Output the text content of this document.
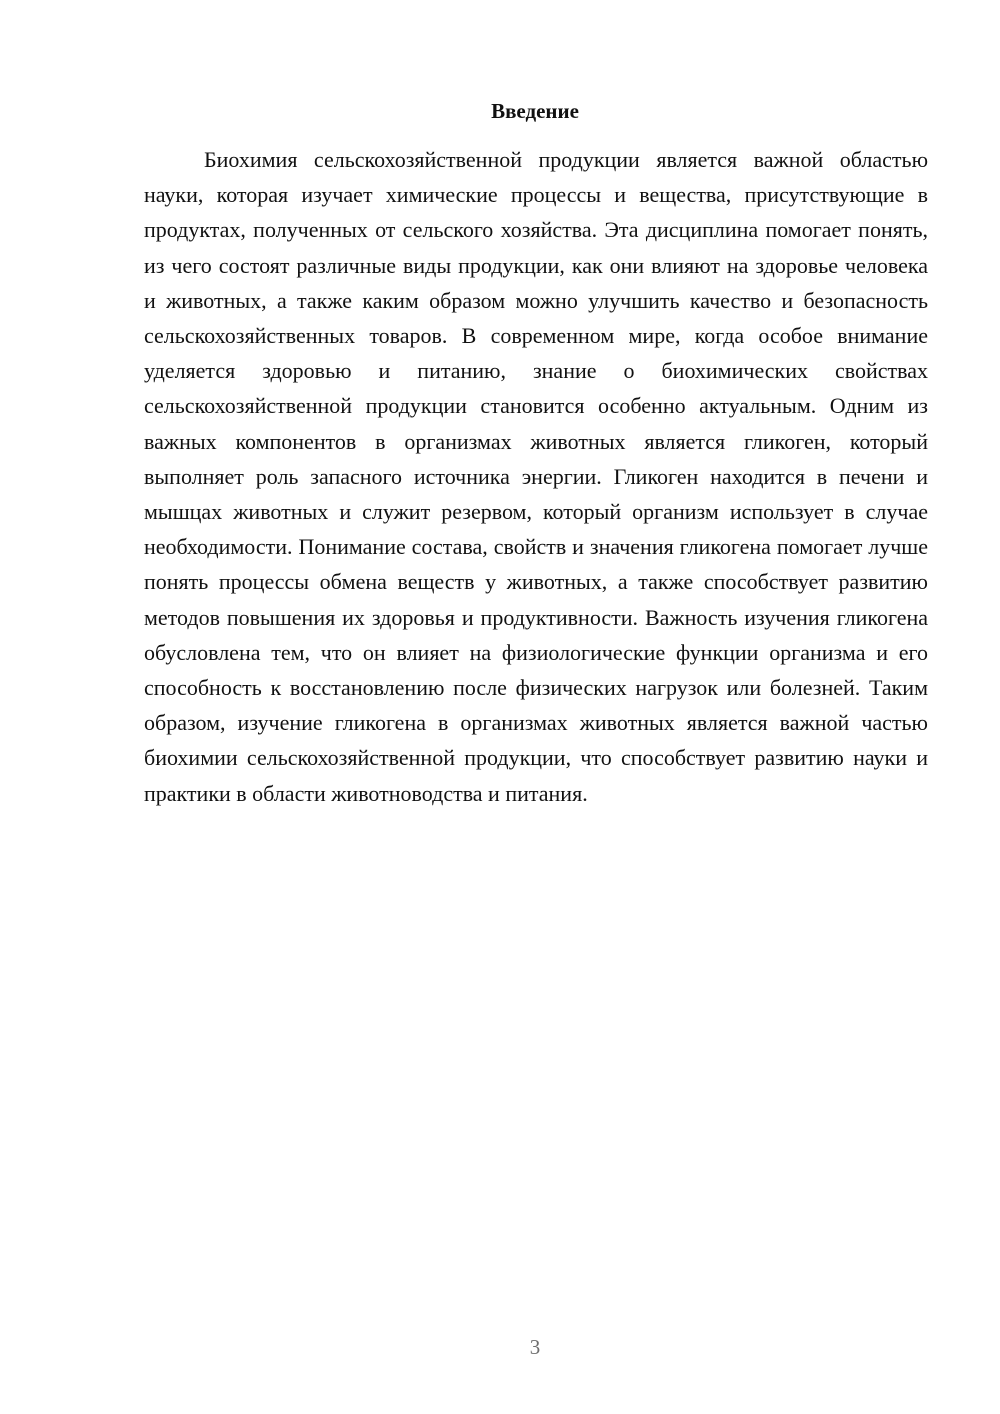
Введение

Биохимия сельскохозяйственной продукции является важной областью науки, которая изучает химические процессы и вещества, присутствующие в продуктах, полученных от сельского хозяйства. Эта дисциплина помогает понять, из чего состоят различные виды продукции, как они влияют на здоровье человека и животных, а также каким образом можно улучшить качество и безопасность сельскохозяйственных товаров. В современном мире, когда особое внимание уделяется здоровью и питанию, знание о биохимических свойствах сельскохозяйственной продукции становится особенно актуальным. Одним из важных компонентов в организмах животных является гликоген, который выполняет роль запасного источника энергии. Гликоген находится в печени и мышцах животных и служит резервом, который организм использует в случае необходимости. Понимание состава, свойств и значения гликогена помогает лучше понять процессы обмена веществ у животных, а также способствует развитию методов повышения их здоровья и продуктивности. Важность изучения гликогена обусловлена тем, что он влияет на физиологические функции организма и его способность к восстановлению после физических нагрузок или болезней. Таким образом, изучение гликогена в организмах животных является важной частью биохимии сельскохозяйственной продукции, что способствует развитию науки и практики в области животноводства и питания.

3
